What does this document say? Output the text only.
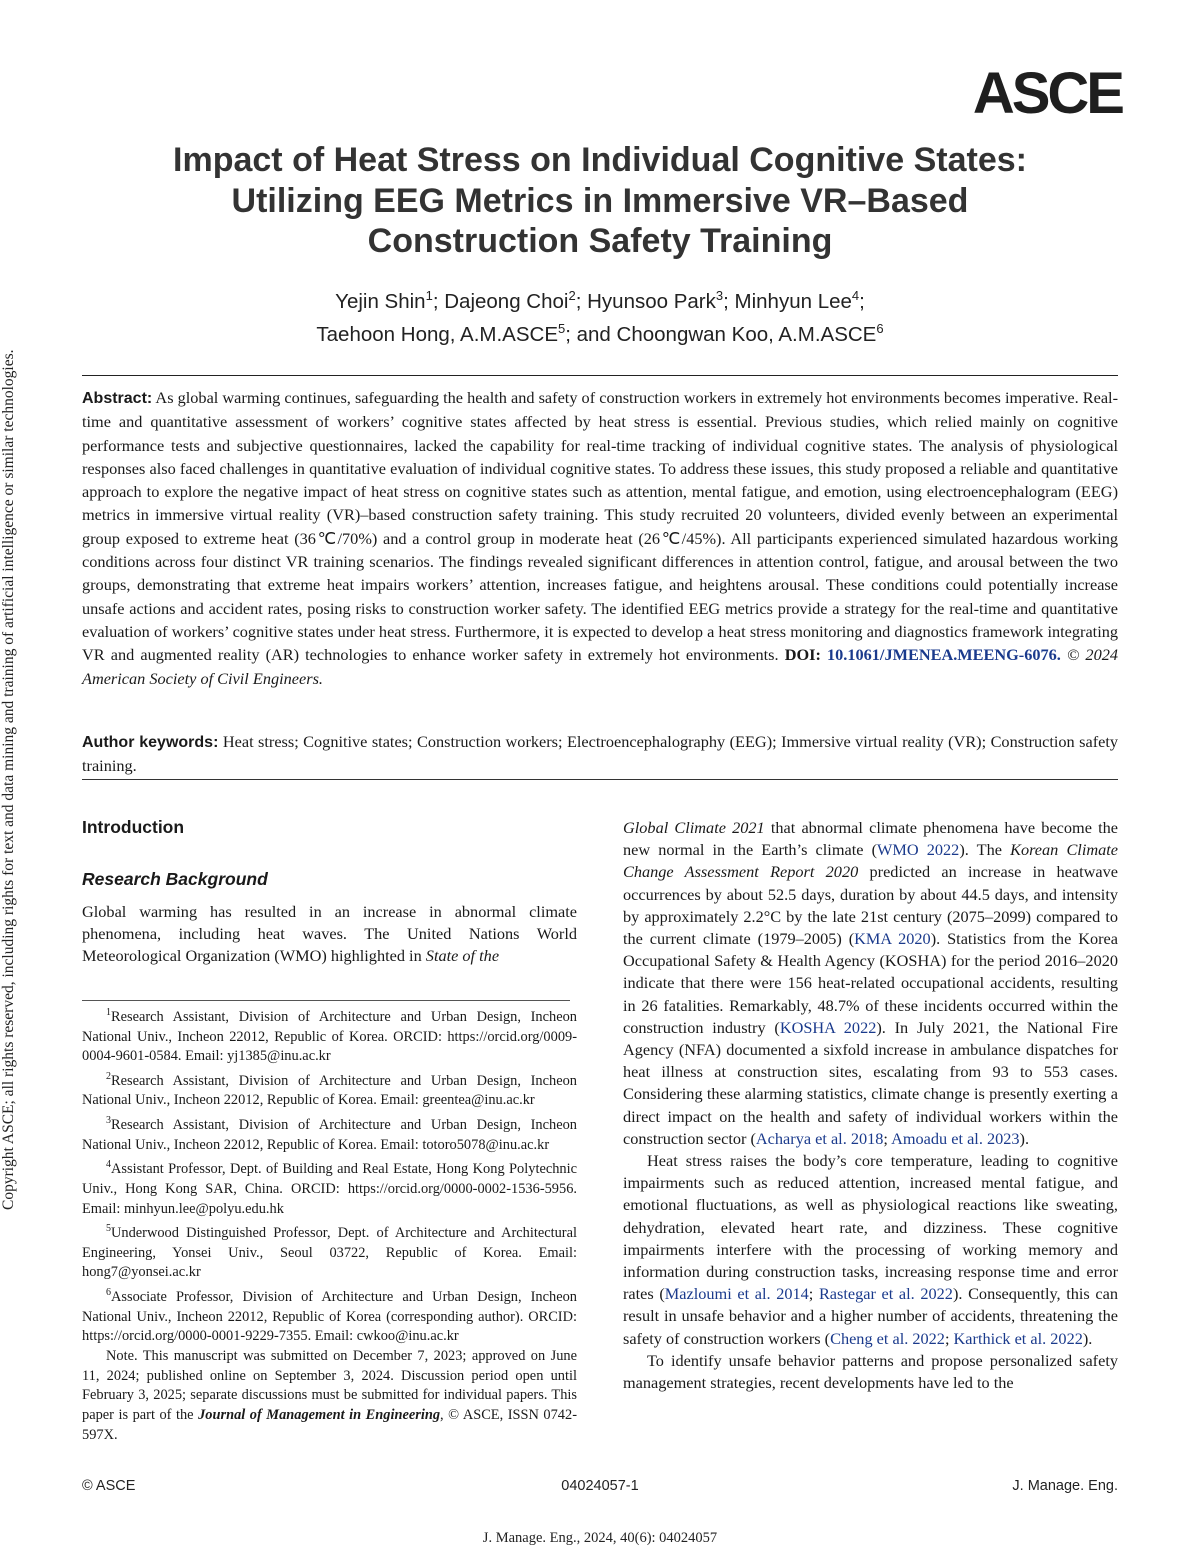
Copyright ASCE; all rights reserved, including rights for text and data mining and training of artificial intelligence or similar technologies.
ASCE
Impact of Heat Stress on Individual Cognitive States:
Utilizing EEG Metrics in Immersive VR–Based
Construction Safety Training
Yejin Shin$^1$; Dajeong Choi$^2$; Hyunsoo Park$^3$; Minhyun Lee$^4$;
Taehoon Hong, A.M.ASCE$^5$; and Choongwan Koo, A.M.ASCE$^6$
Abstract: As global warming continues, safeguarding the health and safety of construction workers in extremely hot environments becomes imperative. Real-time and quantitative assessment of workers’ cognitive states affected by heat stress is essential. Previous studies, which relied mainly on cognitive performance tests and subjective questionnaires, lacked the capability for real-time tracking of individual cognitive states. The analysis of physiological responses also faced challenges in quantitative evaluation of individual cognitive states. To address these issues, this study proposed a reliable and quantitative approach to explore the negative impact of heat stress on cognitive states such as attention, mental fatigue, and emotion, using electroencephalogram (EEG) metrics in immersive virtual reality (VR)–based construction safety training. This study recruited 20 volunteers, divided evenly between an experimental group exposed to extreme heat (36℃/70%) and a control group in moderate heat (26℃/45%). All participants experienced simulated hazardous working conditions across four distinct VR training scenarios. The findings revealed significant differences in attention control, fatigue, and arousal between the two groups, demonstrating that extreme heat impairs workers’ attention, increases fatigue, and heightens arousal. These conditions could potentially increase unsafe actions and accident rates, posing risks to construction worker safety. The identified EEG metrics provide a strategy for the real-time and quantitative evaluation of workers’ cognitive states under heat stress. Furthermore, it is expected to develop a heat stress monitoring and diagnostics framework integrating VR and augmented reality (AR) technologies to enhance worker safety in extremely hot environments. DOI: 10.1061/JMENEA.MEENG-6076. © 2024 American Society of Civil Engineers.
Author keywords: Heat stress; Cognitive states; Construction workers; Electroencephalography (EEG); Immersive virtual reality (VR); Construction safety training.
Introduction
Research Background

Global warming has resulted in an increase in abnormal climate phenomena, including heat waves. The United Nations World Meteorological Organization (WMO) highlighted in State of the

$^1$Research Assistant, Division of Architecture and Urban Design, Incheon National Univ., Incheon 22012, Republic of Korea. ORCID: https://orcid.org/0009-0004-9601-0584. Email: yj1385@inu.ac.kr

$^2$Research Assistant, Division of Architecture and Urban Design, Incheon National Univ., Incheon 22012, Republic of Korea. Email: greentea@inu.ac.kr

$^3$Research Assistant, Division of Architecture and Urban Design, Incheon National Univ., Incheon 22012, Republic of Korea. Email: totoro5078@inu.ac.kr

$^4$Assistant Professor, Dept. of Building and Real Estate, Hong Kong Polytechnic Univ., Hong Kong SAR, China. ORCID: https://orcid.org/0000-0002-1536-5956. Email: minhyun.lee@polyu.edu.hk

$^5$Underwood Distinguished Professor, Dept. of Architecture and Architectural Engineering, Yonsei Univ., Seoul 03722, Republic of Korea. Email: hong7@yonsei.ac.kr

$^6$Associate Professor, Division of Architecture and Urban Design, Incheon National Univ., Incheon 22012, Republic of Korea (corresponding author). ORCID: https://orcid.org/0000-0001-9229-7355. Email: cwkoo@inu.ac.kr

Note. This manuscript was submitted on December 7, 2023; approved on June 11, 2024; published online on September 3, 2024. Discussion period open until February 3, 2025; separate discussions must be submitted for individual papers. This paper is part of the Journal of Management in Engineering, © ASCE, ISSN 0742-597X.

Global Climate 2021 that abnormal climate phenomena have become the new normal in the Earth’s climate (WMO 2022). The Korean Climate Change Assessment Report 2020 predicted an increase in heatwave occurrences by about 52.5 days, duration by about 44.5 days, and intensity by approximately 2.2°C by the late 21st century (2075–2099) compared to the current climate (1979–2005) (KMA 2020). Statistics from the Korea Occupational Safety & Health Agency (KOSHA) for the period 2016–2020 indicate that there were 156 heat-related occupational accidents, resulting in 26 fatalities. Remarkably, 48.7% of these incidents occurred within the construction industry (KOSHA 2022). In July 2021, the National Fire Agency (NFA) documented a sixfold increase in ambulance dispatches for heat illness at construction sites, escalating from 93 to 553 cases. Considering these alarming statistics, climate change is presently exerting a direct impact on the health and safety of individual workers within the construction sector (Acharya et al. 2018; Amoadu et al. 2023).

Heat stress raises the body’s core temperature, leading to cognitive impairments such as reduced attention, increased mental fatigue, and emotional fluctuations, as well as physiological reactions like sweating, dehydration, elevated heart rate, and dizziness. These cognitive impairments interfere with the processing of working memory and information during construction tasks, increasing response time and error rates (Mazloumi et al. 2014; Rastegar et al. 2022). Consequently, this can result in unsafe behavior and a higher number of accidents, threatening the safety of construction workers (Cheng et al. 2022; Karthick et al. 2022).

To identify unsafe behavior patterns and propose personalized safety management strategies, recent developments have led to the

© ASCE	04024057-1	J. Manage. Eng.
J. Manage. Eng., 2024, 40(6): 04024057
